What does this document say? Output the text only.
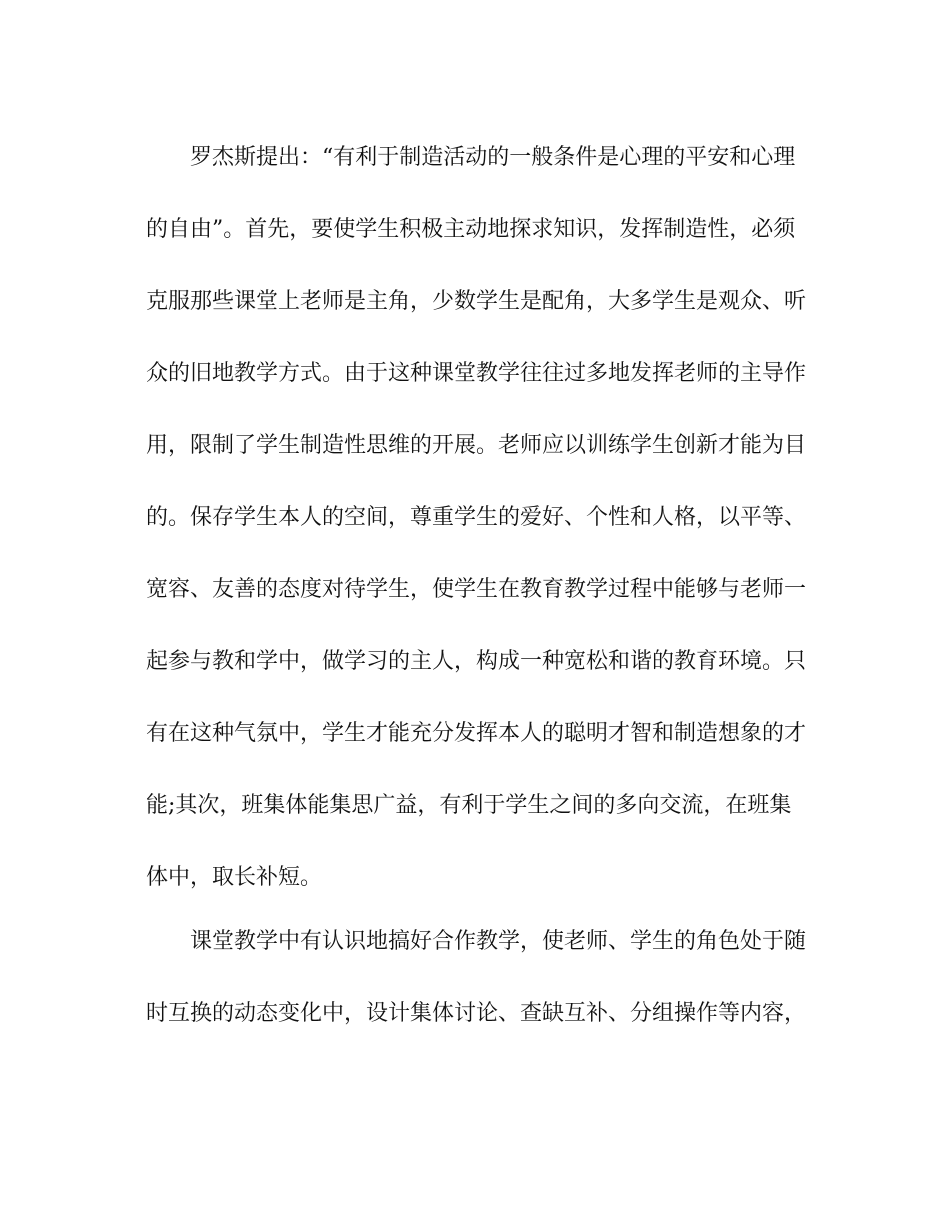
罗杰斯提出：“有利于制造活动的一般条件是心理的平安和心理
的自由”。首先，要使学生积极主动地探求知识，发挥制造性，必须
克服那些课堂上老师是主角，少数学生是配角，大多学生是观众、听
众的旧地教学方式。由于这种课堂教学往往过多地发挥老师的主导作
用，限制了学生制造性思维的开展。老师应以训练学生创新才能为目
的。保存学生本人的空间，尊重学生的爱好、个性和人格，以平等、
宽容、友善的态度对待学生，使学生在教育教学过程中能够与老师一
起参与教和学中，做学习的主人，构成一种宽松和谐的教育环境。只
有在这种气氛中，学生才能充分发挥本人的聪明才智和制造想象的才
能;其次，班集体能集思广益，有利于学生之间的多向交流，在班集
体中，取长补短。
课堂教学中有认识地搞好合作教学，使老师、学生的角色处于随
时互换的动态变化中，设计集体讨论、查缺互补、分组操作等内容，
